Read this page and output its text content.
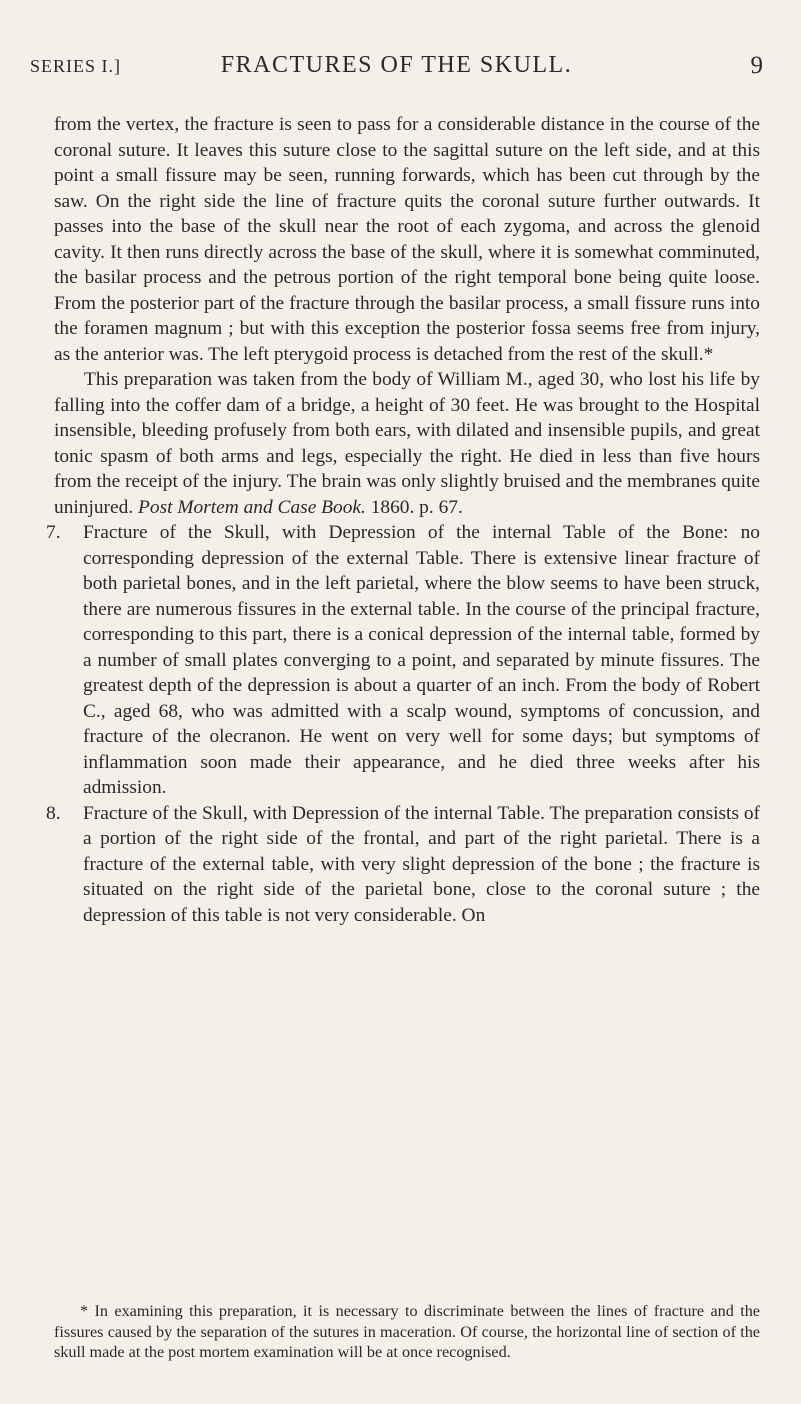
SERIES I.]	FRACTURES OF THE SKULL.	9

from the vertex, the fracture is seen to pass for a considerable distance in the course of the coronal suture. It leaves this suture close to the sagittal suture on the left side, and at this point a small fissure may be seen, running forwards, which has been cut through by the saw. On the right side the line of fracture quits the coronal suture further outwards. It passes into the base of the skull near the root of each zygoma, and across the glenoid cavity. It then runs directly across the base of the skull, where it is somewhat comminuted, the basilar process and the petrous portion of the right temporal bone being quite loose. From the posterior part of the fracture through the basilar process, a small fissure runs into the foramen magnum ; but with this exception the posterior fossa seems free from injury, as the anterior was. The left pterygoid process is detached from the rest of the skull.*

This preparation was taken from the body of William M., aged 30, who lost his life by falling into the coffer dam of a bridge, a height of 30 feet. He was brought to the Hospital insensible, bleeding profusely from both ears, with dilated and insensible pupils, and great tonic spasm of both arms and legs, especially the right. He died in less than five hours from the receipt of the injury. The brain was only slightly bruised and the membranes quite uninjured. Post Mortem and Case Book. 1860. p. 67.

7. Fracture of the Skull, with Depression of the internal Table of the Bone: no corresponding depression of the external Table. There is extensive linear fracture of both parietal bones, and in the left parietal, where the blow seems to have been struck, there are numerous fissures in the external table. In the course of the principal fracture, corresponding to this part, there is a conical depression of the internal table, formed by a number of small plates converging to a point, and separated by minute fissures. The greatest depth of the depression is about a quarter of an inch. From the body of Robert C., aged 68, who was admitted with a scalp wound, symptoms of concussion, and fracture of the olecranon. He went on very well for some days; but symptoms of inflammation soon made their appearance, and he died three weeks after his admission.

8. Fracture of the Skull, with Depression of the internal Table. The preparation consists of a portion of the right side of the frontal, and part of the right parietal. There is a fracture of the external table, with very slight depression of the bone ; the fracture is situated on the right side of the parietal bone, close to the coronal suture ; the depression of this table is not very considerable. On

* In examining this preparation, it is necessary to discriminate between the lines of fracture and the fissures caused by the separation of the sutures in maceration. Of course, the horizontal line of section of the skull made at the post mortem examination will be at once recognised.
